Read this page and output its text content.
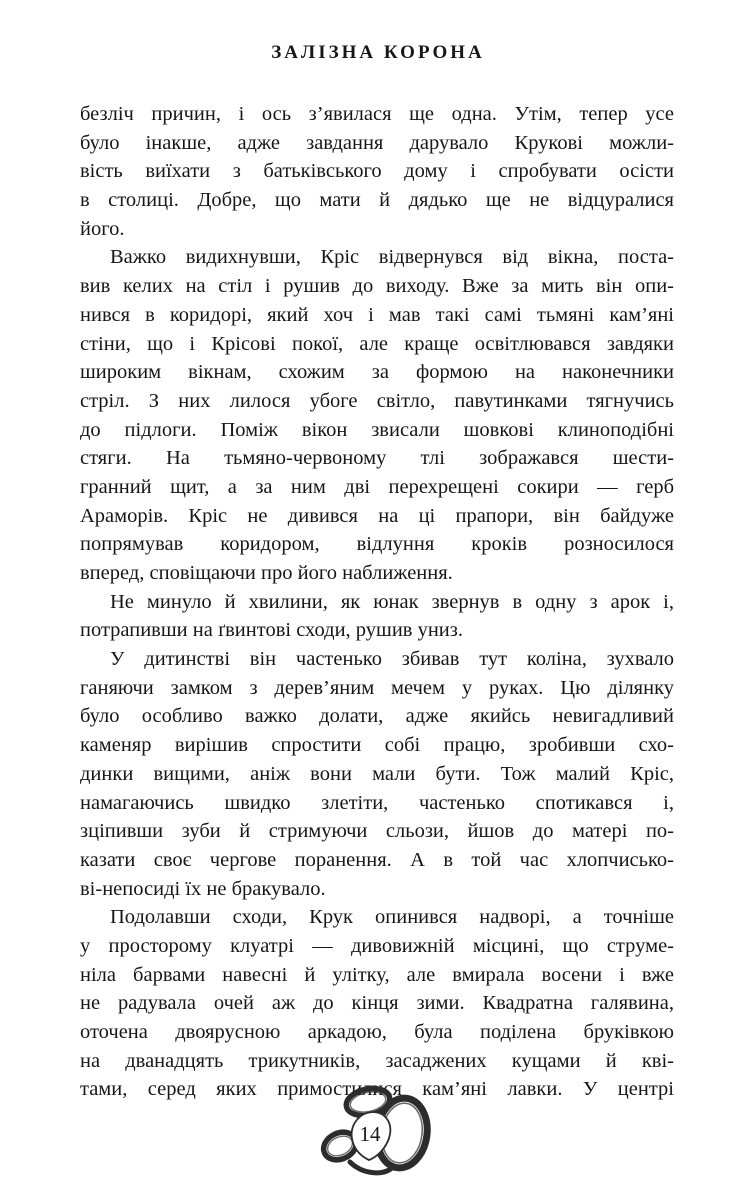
ЗАЛІЗНА КОРОНА
безліч причин, і ось з’явилася ще одна. Утім, тепер усе
було інакше, адже завдання дарувало Крукові можли-
вість виїхати з батьківського дому і спробувати осісти
в столиці. Добре, що мати й дядько ще не відцуралися
його.
Важко видихнувши, Кріс відвернувся від вікна, поста-
вив келих на стіл і рушив до виходу. Вже за мить він опи-
нився в коридорі, який хоч і мав такі самі тьмяні кам’яні
стіни, що і Крісові покої, але краще освітлювався завдяки
широким вікнам, схожим за формою на наконечники
стріл. З них лилося убоге світло, павутинками тягнучись
до підлоги. Поміж вікон звисали шовкові клиноподібні
стяги. На тьмяно-червоному тлі зображався шести-
гранний щит, а за ним дві перехрещені сокири — герб
Араморів. Кріс не дивився на ці прапори, він байдуже
попрямував коридором, відлуння кроків розносилося
вперед, сповіщаючи про його наближення.
Не минуло й хвилини, як юнак звернув в одну з арок і,
потрапивши на ґвинтові сходи, рушив униз.
У дитинстві він частенько збивав тут коліна, зухвало
ганяючи замком з дерев’яним мечем у руках. Цю ділянку
було особливо важко долати, адже якийсь невигадливий
каменяр вирішив спростити собі працю, зробивши схо-
динки вищими, аніж вони мали бути. Тож малий Кріс,
намагаючись швидко злетіти, частенько спотикався і,
зціпивши зуби й стримуючи сльози, йшов до матері по-
казати своє чергове поранення. А в той час хлопчисько-
ві-непосиді їх не бракувало.
Подолавши сходи, Крук опинився надворі, а точніше
у просторому клуатрі — дивовижній місцині, що струме-
ніла барвами навесні й улітку, але вмирала восени і вже
не радувала очей аж до кінця зими. Квадратна галявина,
оточена двоярусною аркадою, була поділена бруківкою
на дванадцять трикутників, засаджених кущами й кві-
тами, серед яких примостилися кам’яні лавки. У центрі
14
